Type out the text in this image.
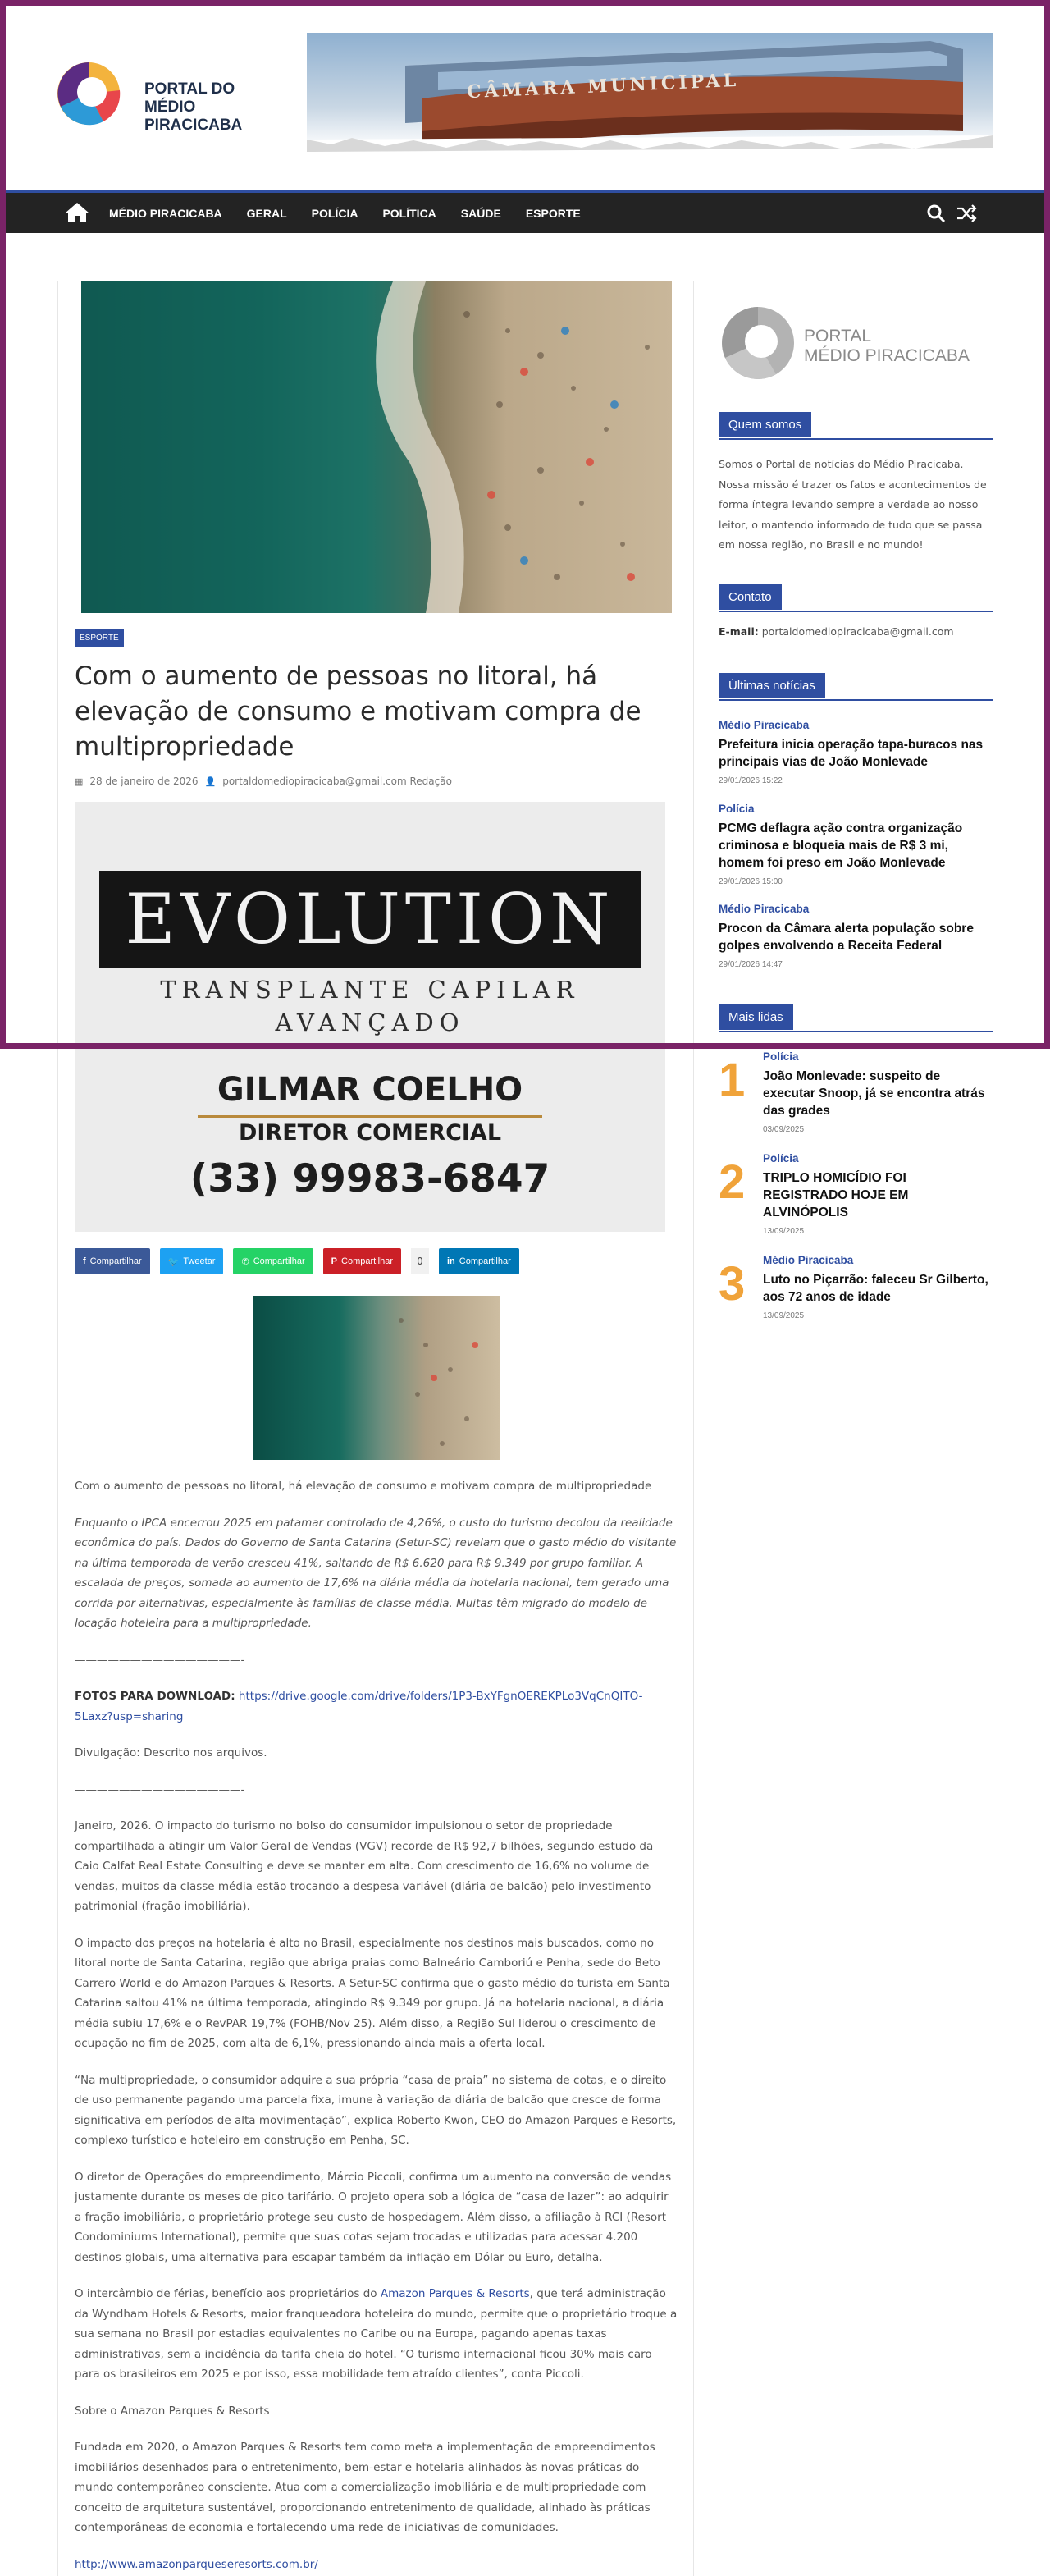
PORTAL DO
MÉDIO PIRACICABA
CÂMARA MUNICIPAL
MÉDIO PIRACICABA GERAL POLÍCIA POLÍTICA SAÚDE ESPORTE
ESPORTE
Com o aumento de pessoas no litoral, há elevação de consumo e motivam compra de multipropriedade
▦ 28 de janeiro de 2026 👤 portaldomediopiracicaba@gmail.com Redação
EVOLUTION
TRANSPLANTE CAPILAR
AVANÇADO
GILMAR COELHO
DIRETOR COMERCIAL
(33) 99983-6847
f Compartilhar	🐦 Tweetar	✆ Compartilhar	P Compartilhar	0	in Compartilhar

Com o aumento de pessoas no litoral, há elevação de consumo e motivam compra de multipropriedade

Enquanto o IPCA encerrou 2025 em patamar controlado de 4,26%, o custo do turismo decolou da realidade econômica do país. Dados do Governo de Santa Catarina (Setur-SC) revelam que o gasto médio do visitante na última temporada de verão cresceu 41%, saltando de R$ 6.620 para R$ 9.349 por grupo familiar. A escalada de preços, somada ao aumento de 17,6% na diária média da hotelaria nacional, tem gerado uma corrida por alternativas, especialmente às famílias de classe média. Muitas têm migrado do modelo de locação hoteleira para a multipropriedade.

———————————————-

FOTOS PARA DOWNLOAD: https://drive.google.com/drive/folders/1P3-BxYFgnOEREKPLo3VqCnQITO-5Laxz?usp=sharing

Divulgação: Descrito nos arquivos.

———————————————-

Janeiro, 2026. O impacto do turismo no bolso do consumidor impulsionou o setor de propriedade compartilhada a atingir um Valor Geral de Vendas (VGV) recorde de R$ 92,7 bilhões, segundo estudo da Caio Calfat Real Estate Consulting e deve se manter em alta. Com crescimento de 16,6% no volume de vendas, muitos da classe média estão trocando a despesa variável (diária de balcão) pelo investimento patrimonial (fração imobiliária).

O impacto dos preços na hotelaria é alto no Brasil, especialmente nos destinos mais buscados, como no litoral norte de Santa Catarina, região que abriga praias como Balneário Camboriú e Penha, sede do Beto Carrero World e do Amazon Parques & Resorts. A Setur-SC confirma que o gasto médio do turista em Santa Catarina saltou 41% na última temporada, atingindo R$ 9.349 por grupo. Já na hotelaria nacional, a diária média subiu 17,6% e o RevPAR 19,7% (FOHB/Nov 25). Além disso, a Região Sul liderou o crescimento de ocupação no fim de 2025, com alta de 6,1%, pressionando ainda mais a oferta local.

“Na multipropriedade, o consumidor adquire a sua própria “casa de praia” no sistema de cotas, e o direito de uso permanente pagando uma parcela fixa, imune à variação da diária de balcão que cresce de forma significativa em períodos de alta movimentação”, explica Roberto Kwon, CEO do Amazon Parques e Resorts, complexo turístico e hoteleiro em construção em Penha, SC.

O diretor de Operações do empreendimento, Márcio Piccoli, confirma um aumento na conversão de vendas justamente durante os meses de pico tarifário. O projeto opera sob a lógica de “casa de lazer”: ao adquirir a fração imobiliária, o proprietário protege seu custo de hospedagem. Além disso, a afiliação à RCI (Resort Condominiums International), permite que suas cotas sejam trocadas e utilizadas para acessar 4.200 destinos globais, uma alternativa para escapar também da inflação em Dólar ou Euro, detalha.

O intercâmbio de férias, benefício aos proprietários do Amazon Parques & Resorts, que terá administração da Wyndham Hotels & Resorts, maior franqueadora hoteleira do mundo, permite que o proprietário troque a sua semana no Brasil por estadias equivalentes no Caribe ou na Europa, pagando apenas taxas administrativas, sem a incidência da tarifa cheia do hotel. “O turismo internacional ficou 30% mais caro para os brasileiros em 2025 e por isso, essa mobilidade tem atraído clientes”, conta Piccoli.

Sobre o Amazon Parques & Resorts

Fundada em 2020, o Amazon Parques & Resorts tem como meta a implementação de empreendimentos imobiliários desenhados para o entretenimento, bem-estar e hotelaria alinhados às novas práticas do mundo contemporâneo consciente. Atua com a comercialização imobiliária e de multipropriedade com conceito de arquitetura sustentável, proporcionando entretenimento de qualidade, alinhado às práticas contemporâneas de economia e fortalecendo uma rede de iniciativas de comunidades.

http://www.amazonparqueseresorts.com.br/

PORTAL
MÉDIO PIRACICABA
Quem somos
Somos o Portal de notícias do Médio Piracicaba. Nossa missão é trazer os fatos e acontecimentos de forma íntegra levando sempre a verdade ao nosso leitor, o mantendo informado de tudo que se passa em nossa região, no Brasil e no mundo!
Contato
E-mail: portaldomediopiracicaba@gmail.com
Últimas notícias
Médio Piracicaba
Prefeitura inicia operação tapa-buracos nas principais vias de João Monlevade
29/01/2026 15:22
Polícia
PCMG deflagra ação contra organização criminosa e bloqueia mais de R$ 3 mi, homem foi preso em João Monlevade
29/01/2026 15:00
Médio Piracicaba
Procon da Câmara alerta população sobre golpes envolvendo a Receita Federal
29/01/2026 14:47
Mais lidas
1 Polícia
João Monlevade: suspeito de executar Snoop, já se encontra atrás das grades
03/09/2025
2 Polícia
TRIPLO HOMICÍDIO FOI REGISTRADO HOJE EM ALVINÓPOLIS
13/09/2025
3 Médio Piracicaba
Luto no Piçarrão: faleceu Sr Gilberto, aos 72 anos de idade
13/09/2025
